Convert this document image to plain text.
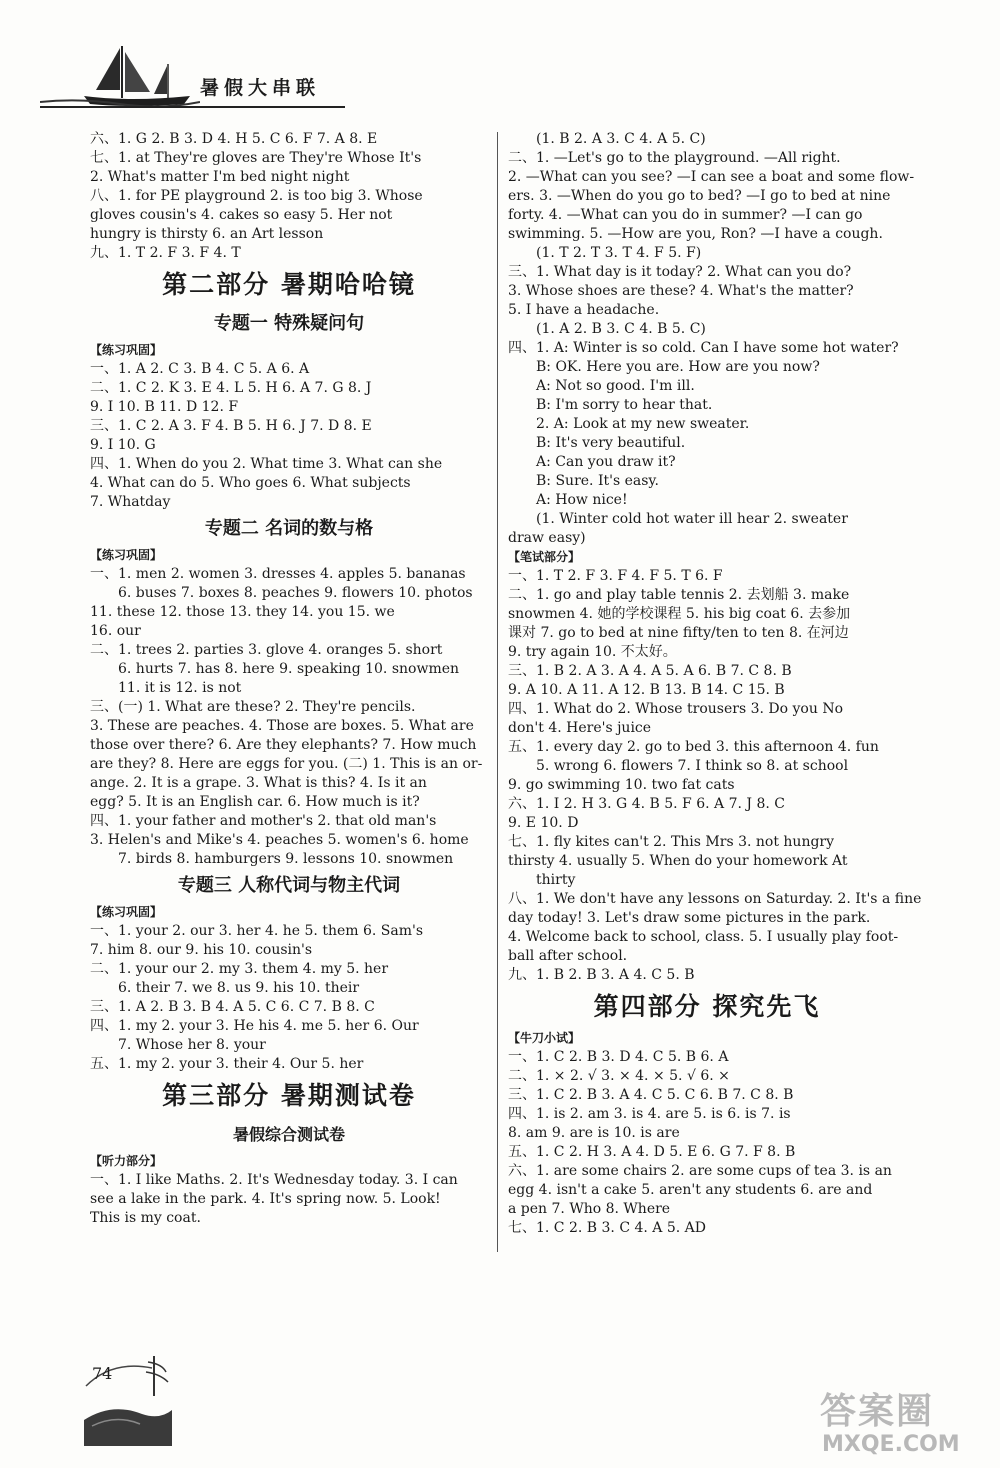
暑假大串联
六、1. G 2. B 3. D 4. H 5. C 6. F 7. A 8. E
七、1. at They're gloves are They're Whose It's
2. What's matter I'm bed night night
八、1. for PE playground 2. is too big 3. Whose
gloves cousin's 4. cakes so easy 5. Her not
hungry is thirsty 6. an Art lesson
九、1. T 2. F 3. F 4. T
第二部分 暑期哈哈镜
专题一 特殊疑问句
【练习巩固】
一、1. A 2. C 3. B 4. C 5. A 6. A
二、1. C 2. K 3. E 4. L 5. H 6. A 7. G 8. J
9. I 10. B 11. D 12. F
三、1. C 2. A 3. F 4. B 5. H 6. J 7. D 8. E
9. I 10. G
四、1. When do you 2. What time 3. What can she
4. What can do 5. Who goes 6. What subjects
7. Whatday
专题二 名词的数与格
【练习巩固】
一、1. men 2. women 3. dresses 4. apples 5. bananas
6. buses 7. boxes 8. peaches 9. flowers 10. photos
11. these 12. those 13. they 14. you 15. we
16. our
二、1. trees 2. parties 3. glove 4. oranges 5. short
6. hurts 7. has 8. here 9. speaking 10. snowmen
11. it is 12. is not
三、(一) 1. What are these? 2. They're pencils.
3. These are peaches. 4. Those are boxes. 5. What are
those over there? 6. Are they elephants? 7. How much
are they? 8. Here are eggs for you. (二) 1. This is an or-
ange. 2. It is a grape. 3. What is this? 4. Is it an
egg? 5. It is an English car. 6. How much is it?
四、1. your father and mother's 2. that old man's
3. Helen's and Mike's 4. peaches 5. women's 6. home
7. birds 8. hamburgers 9. lessons 10. snowmen
专题三 人称代词与物主代词
【练习巩固】
一、1. your 2. our 3. her 4. he 5. them 6. Sam's
7. him 8. our 9. his 10. cousin's
二、1. your our 2. my 3. them 4. my 5. her
6. their 7. we 8. us 9. his 10. their
三、1. A 2. B 3. B 4. A 5. C 6. C 7. B 8. C
四、1. my 2. your 3. He his 4. me 5. her 6. Our
7. Whose her 8. your
五、1. my 2. your 3. their 4. Our 5. her
第三部分 暑期测试卷
暑假综合测试卷
【听力部分】
一、1. I like Maths. 2. It's Wednesday today. 3. I can
see a lake in the park. 4. It's spring now. 5. Look!
This is my coat.
(1. B 2. A 3. C 4. A 5. C)
二、1. —Let's go to the playground. —All right.
2. —What can you see? —I can see a boat and some flow-
ers. 3. —When do you go to bed? —I go to bed at nine
forty. 4. —What can you do in summer? —I can go
swimming. 5. —How are you, Ron? —I have a cough.
(1. T 2. T 3. T 4. F 5. F)
三、1. What day is it today? 2. What can you do?
3. Whose shoes are these? 4. What's the matter?
5. I have a headache.
(1. A 2. B 3. C 4. B 5. C)
四、1. A: Winter is so cold. Can I have some hot water?
B: OK. Here you are. How are you now?
A: Not so good. I'm ill.
B: I'm sorry to hear that.
2. A: Look at my new sweater.
B: It's very beautiful.
A: Can you draw it?
B: Sure. It's easy.
A: How nice!
(1. Winter cold hot water ill hear 2. sweater
draw easy)
【笔试部分】
一、1. T 2. F 3. F 4. F 5. T 6. F
二、1. go and play table tennis 2. 去划船 3. make
snowmen 4. 她的学校课程 5. his big coat 6. 去参加
课对 7. go to bed at nine fifty/ten to ten 8. 在河边
9. try again 10. 不太好。
三、1. B 2. A 3. A 4. A 5. A 6. B 7. C 8. B
9. A 10. A 11. A 12. B 13. B 14. C 15. B
四、1. What do 2. Whose trousers 3. Do you No
don't 4. Here's juice
五、1. every day 2. go to bed 3. this afternoon 4. fun
5. wrong 6. flowers 7. I think so 8. at school
9. go swimming 10. two fat cats
六、1. I 2. H 3. G 4. B 5. F 6. A 7. J 8. C
9. E 10. D
七、1. fly kites can't 2. This Mrs 3. not hungry
thirsty 4. usually 5. When do your homework At
thirty
八、1. We don't have any lessons on Saturday. 2. It's a fine
day today! 3. Let's draw some pictures in the park.
4. Welcome back to school, class. 5. I usually play foot-
ball after school.
九、1. B 2. B 3. A 4. C 5. B
第四部分 探究先飞
【牛刀小试】
一、1. C 2. B 3. D 4. C 5. B 6. A
二、1. × 2. √ 3. × 4. × 5. √ 6. ×
三、1. C 2. B 3. A 4. C 5. C 6. B 7. C 8. B
四、1. is 2. am 3. is 4. are 5. is 6. is 7. is
8. am 9. are is 10. is are
五、1. C 2. H 3. A 4. D 5. E 6. G 7. F 8. B
六、1. are some chairs 2. are some cups of tea 3. is an
egg 4. isn't a cake 5. aren't any students 6. are and
a pen 7. Who 8. Where
七、1. C 2. B 3. C 4. A 5. AD
74
答案圈
MXQE.COM
